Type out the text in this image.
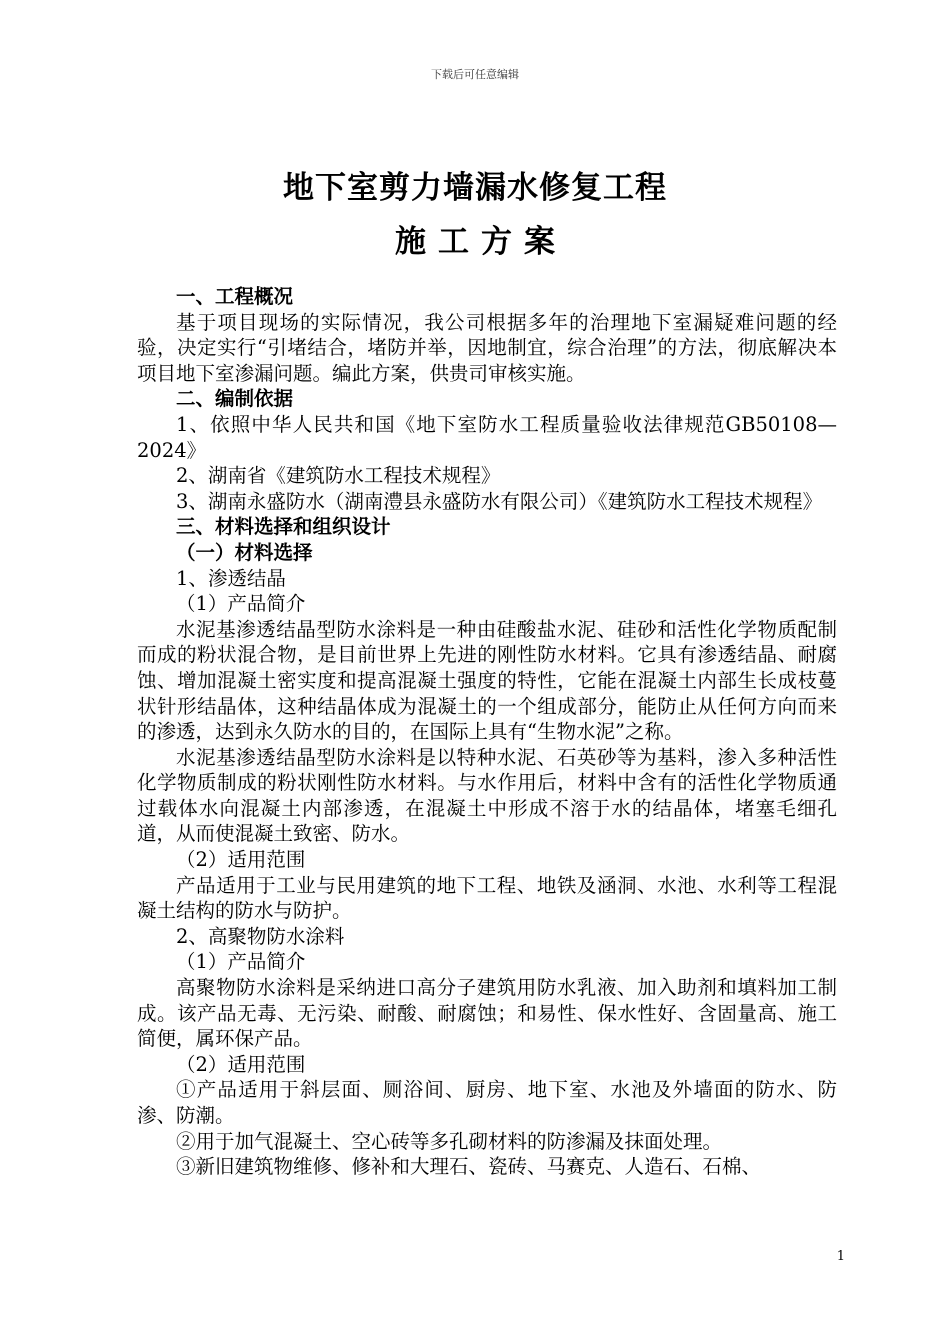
下载后可任意编辑
地下室剪力墙漏水修复工程
施工方案

一、工程概况

基于项目现场的实际情况，我公司根据多年的治理地下室漏疑难问题的经验，决定实行“引堵结合，堵防并举，因地制宜，综合治理”的方法，彻底解决本项目地下室渗漏问题。编此方案，供贵司审核实施。

二、编制依据

1、依照中华人民共和国《地下室防水工程质量验收法律规范GB50108—2024》

2、湖南省《建筑防水工程技术规程》

3、湖南永盛防水（湖南澧县永盛防水有限公司）《建筑防水工程技术规程》

三、材料选择和组织设计

（一）材料选择

1、渗透结晶

（1）产品简介

水泥基渗透结晶型防水涂料是一种由硅酸盐水泥、硅砂和活性化学物质配制而成的粉状混合物，是目前世界上先进的刚性防水材料。它具有渗透结晶、耐腐蚀、增加混凝土密实度和提高混凝土强度的特性，它能在混凝土内部生长成枝蔓状针形结晶体，这种结晶体成为混凝土的一个组成部分，能防止从任何方向而来的渗透，达到永久防水的目的，在国际上具有“生物水泥”之称。

水泥基渗透结晶型防水涂料是以特种水泥、石英砂等为基料，渗入多种活性化学物质制成的粉状刚性防水材料。与水作用后，材料中含有的活性化学物质通过载体水向混凝土内部渗透，在混凝土中形成不溶于水的结晶体，堵塞毛细孔道，从而使混凝土致密、防水。

（2）适用范围

产品适用于工业与民用建筑的地下工程、地铁及涵洞、水池、水利等工程混凝土结构的防水与防护。

2、高聚物防水涂料

（1）产品简介

高聚物防水涂料是采纳进口高分子建筑用防水乳液、加入助剂和填料加工制成。该产品无毒、无污染、耐酸、耐腐蚀；和易性、保水性好、含固量高、施工简便，属环保产品。

（2）适用范围

①产品适用于斜层面、厕浴间、厨房、地下室、水池及外墙面的防水、防渗、防潮。

②用于加气混凝土、空心砖等多孔砌材料的防渗漏及抹面处理。

③新旧建筑物维修、修补和大理石、瓷砖、马赛克、人造石、石棉、

1
